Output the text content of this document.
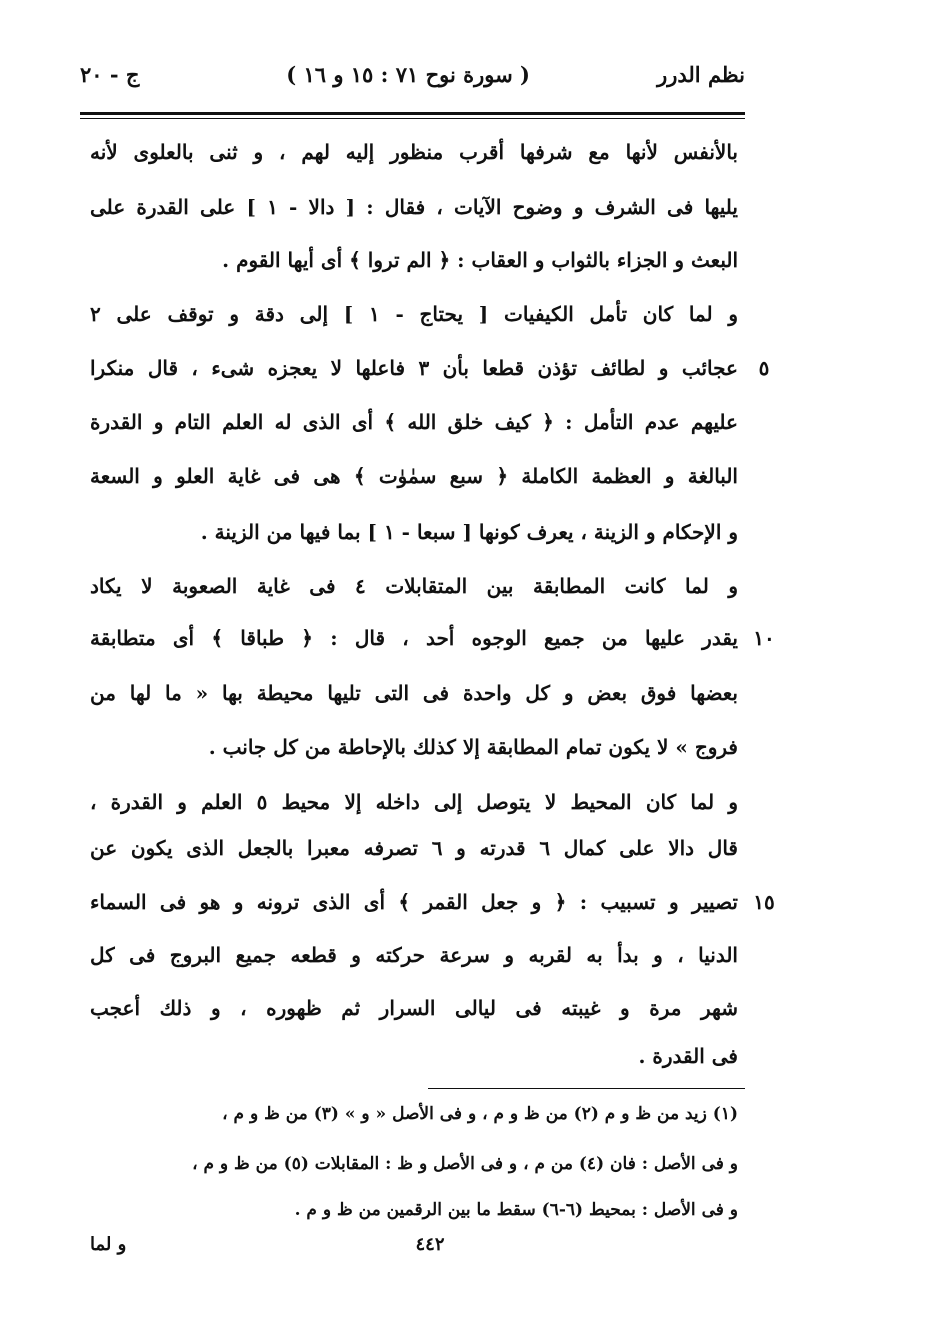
نظم الدرر
( سورة نوح ٧١ : ١٥ و ١٦ )
ج - ٢٠
بالأنفس لأنها مع شرفها أقرب منظور إليه لهم ، و ثنى بالعلوى لأنه
يليها فى الشرف و وضوح الآيات ، فقال : [ دالا - ١ ] على القدرة على
البعث و الجزاء بالثواب و العقاب : ﴿ الم تروا ﴾ أى أيها القوم .
و لما كان تأمل الكيفيات [ يحتاج - ١ ] إلى دقة و توقف على ٢
عجائب و لطائف تؤذن قطعا بأن ٣ فاعلها لا يعجزه شىء ، قال منكرا	٥
عليهم عدم التأمل : ﴿ كيف خلق الله ﴾ أى الذى له العلم التام و القدرة
البالغة و العظمة الكاملة ﴿ سبع سمٰوٰت ﴾ هى فى غاية العلو و السعة
و الإحكام و الزينة ، يعرف كونها [ سبعا - ١ ] بما فيها من الزينة .
و لما كانت المطابقة بين المتقابلات ٤ فى غاية الصعوبة لا يكاد
يقدر عليها من جميع الوجوه أحد ، قال : ﴿ طباقا ﴾ أى متطابقة ١٠
بعضها فوق بعض و كل واحدة فى التى تليها محيطة بها « ما لها من
فروج » لا يكون تمام المطابقة إلا كذلك بالإحاطة من كل جانب .
و لما كان المحيط لا يتوصل إلى داخله إلا محيط ٥ العلم و القدرة ،
قال دالا على كمال ٦ قدرته و ٦ تصرفه معبرا بالجعل الذى يكون عن
تصيير و تسبيب : ﴿ و جعل القمر ﴾ أى الذى ترونه و هو فى السماء ١٥
الدنيا ، و بدأ به لقربه و سرعة حركته و قطعه جميع البروج فى كل
شهر مرة و غيبته فى ليالى السرار ثم ظهوره ، و ذلك أعجب
فى القدرة .
(١) زيد من ظ و م (٢) من ظ و م ، و فى الأصل « و » (٣) من ظ و م ،
و فى الأصل : فان (٤) من م ، و فى الأصل و ظ : المقابلات (٥) من ظ و م ،
و فى الأصل : بمحيط (٦-٦) سقط ما بين الرقمين من ظ و م .
٤٤٢
و لما
